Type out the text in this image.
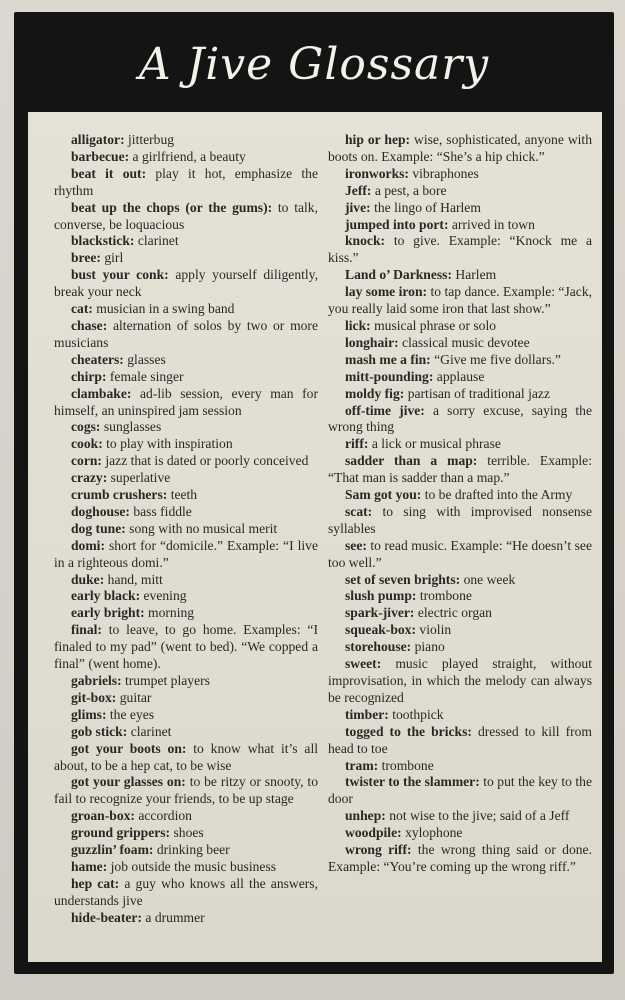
A Jive Glossary

alligator: jitterbug

barbecue: a girlfriend, a beauty

beat it out: play it hot, emphasize the rhythm

beat up the chops (or the gums): to talk, converse, be loquacious

blackstick: clarinet

bree: girl

bust your conk: apply yourself diligently, break your neck

cat: musician in a swing band

chase: alternation of solos by two or more musicians

cheaters: glasses

chirp: female singer

clambake: ad-lib session, every man for himself, an uninspired jam session

cogs: sunglasses

cook: to play with inspiration

corn: jazz that is dated or poorly conceived

crazy: superlative

crumb crushers: teeth

doghouse: bass fiddle

dog tune: song with no musical merit

domi: short for “domicile.” Example: “I live in a righteous domi.”

duke: hand, mitt

early black: evening

early bright: morning

final: to leave, to go home. Examples: “I finaled to my pad” (went to bed). “We copped a final” (went home).

gabriels: trumpet players

git-box: guitar

glims: the eyes

gob stick: clarinet

got your boots on: to know what it’s all about, to be a hep cat, to be wise

got your glasses on: to be ritzy or snooty, to fail to recognize your friends, to be up stage

groan-box: accordion

ground grippers: shoes

guzzlin’ foam: drinking beer

hame: job outside the music business

hep cat: a guy who knows all the answers, understands jive

hide-beater: a drummer

hip or hep: wise, sophisticated, anyone with boots on. Example: “She’s a hip chick.”

ironworks: vibraphones

Jeff: a pest, a bore

jive: the lingo of Harlem

jumped into port: arrived in town

knock: to give. Example: “Knock me a kiss.”

Land o’ Darkness: Harlem

lay some iron: to tap dance. Example: “Jack, you really laid some iron that last show.”

lick: musical phrase or solo

longhair: classical music devotee

mash me a fin: “Give me five dollars.”

mitt-pounding: applause

moldy fig: partisan of traditional jazz

off-time jive: a sorry excuse, saying the wrong thing

riff: a lick or musical phrase

sadder than a map: terrible. Example: “That man is sadder than a map.”

Sam got you: to be drafted into the Army

scat: to sing with improvised nonsense syllables

see: to read music. Example: “He doesn’t see too well.”

set of seven brights: one week

slush pump: trombone

spark-jiver: electric organ

squeak-box: violin

storehouse: piano

sweet: music played straight, without improvisation, in which the melody can always be recognized

timber: toothpick

togged to the bricks: dressed to kill from head to toe

tram: trombone

twister to the slammer: to put the key to the door

unhep: not wise to the jive; said of a Jeff

woodpile: xylophone

wrong riff: the wrong thing said or done. Example: “You’re coming up the wrong riff.”
